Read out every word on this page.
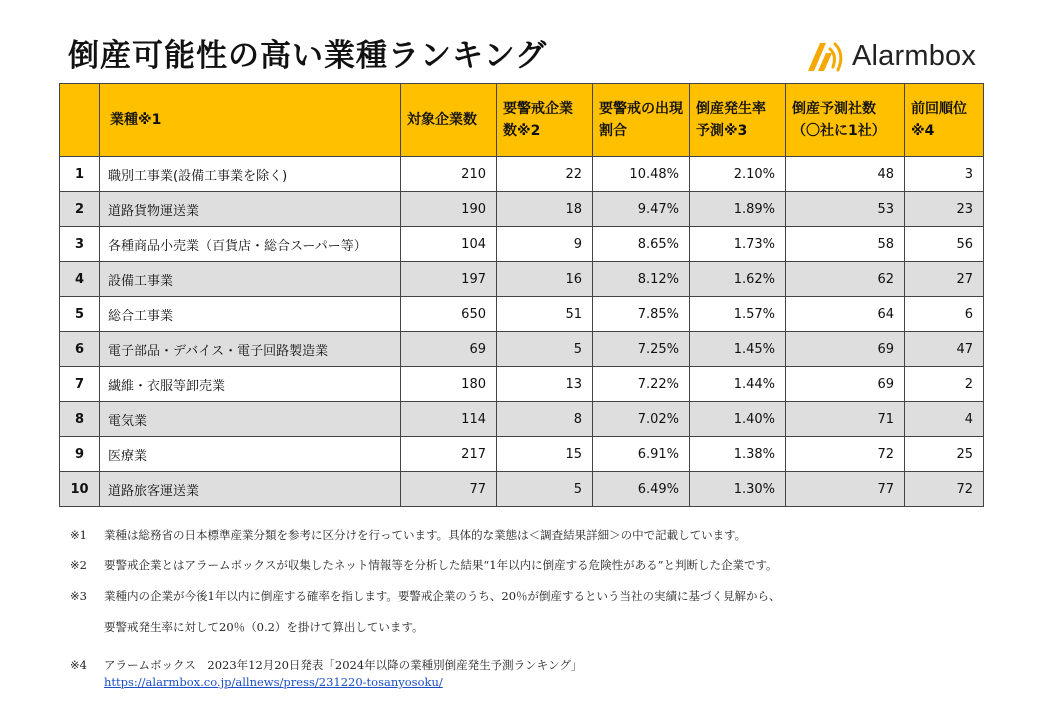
倒産可能性の高い業種ランキング	Alarmbox
	業種※1	対象企業数	要警戒企業数※2	要警戒の出現割合	倒産発生率予測※3	倒産予測社数（〇社に1社）	前回順位※4
1	職別工事業(設備工事業を除く)	210	22	10.48%	2.10%	48	3
2	道路貨物運送業	190	18	9.47%	1.89%	53	23
3	各種商品小売業（百貨店・総合スーパー等）	104	9	8.65%	1.73%	58	56
4	設備工事業	197	16	8.12%	1.62%	62	27
5	総合工事業	650	51	7.85%	1.57%	64	6
6	電子部品・デバイス・電子回路製造業	69	5	7.25%	1.45%	69	47
7	繊維・衣服等卸売業	180	13	7.22%	1.44%	69	2
8	電気業	114	8	7.02%	1.40%	71	4
9	医療業	217	15	6.91%	1.38%	72	25
10	道路旅客運送業	77	5	6.49%	1.30%	77	72
※1 業種は総務省の日本標準産業分類を参考に区分けを行っています。具体的な業態は＜調査結果詳細＞の中で記載しています。
※2 要警戒企業とはアラームボックスが収集したネット情報等を分析した結果“1年以内に倒産する危険性がある”と判断した企業です。
※3 業種内の企業が今後1年以内に倒産する確率を指します。要警戒企業のうち、20％が倒産するという当社の実績に基づく見解から、
要警戒発生率に対して20％（0.2）を掛けて算出しています。
※4 アラームボックス　2023年12月20日発表「2024年以降の業種別倒産発生予測ランキング」
https://alarmbox.co.jp/allnews/press/231220-tosanyosoku/
